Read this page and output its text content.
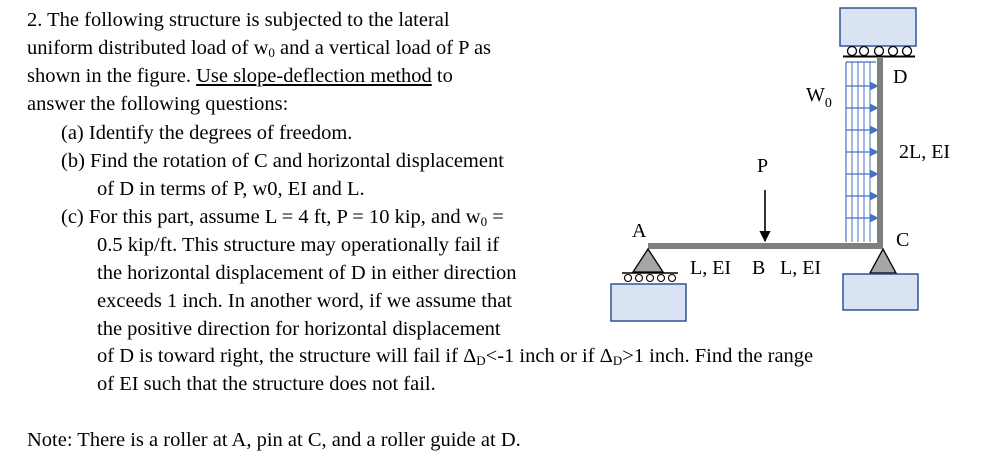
2. The following structure is subjected to the lateral
uniform distributed load of $w_0$ and a vertical load of P as
shown in the figure. Use slope-deflection method to
answer the following questions:
(a) Identify the degrees of freedom.
(b) Find the rotation of C and horizontal displacement
of D in terms of P, w0, EI and L.
(c) For this part, assume L = 4 ft, P = 10 kip, and $w_0$ =
0.5 kip/ft. This structure may operationally fail if
the horizontal displacement of D in either direction
exceeds 1 inch. In another word, if we assume that
the positive direction for horizontal displacement
of D is toward right, the structure will fail if $\Delta_D<-1$ inch or if $\Delta_D>1$ inch. Find the range
of EI such that the structure does not fail.
Note: There is a roller at A, pin at C, and a roller guide at D.
A
B
C
D
P
$W_0$
L, EI L, EI
2L, EI
